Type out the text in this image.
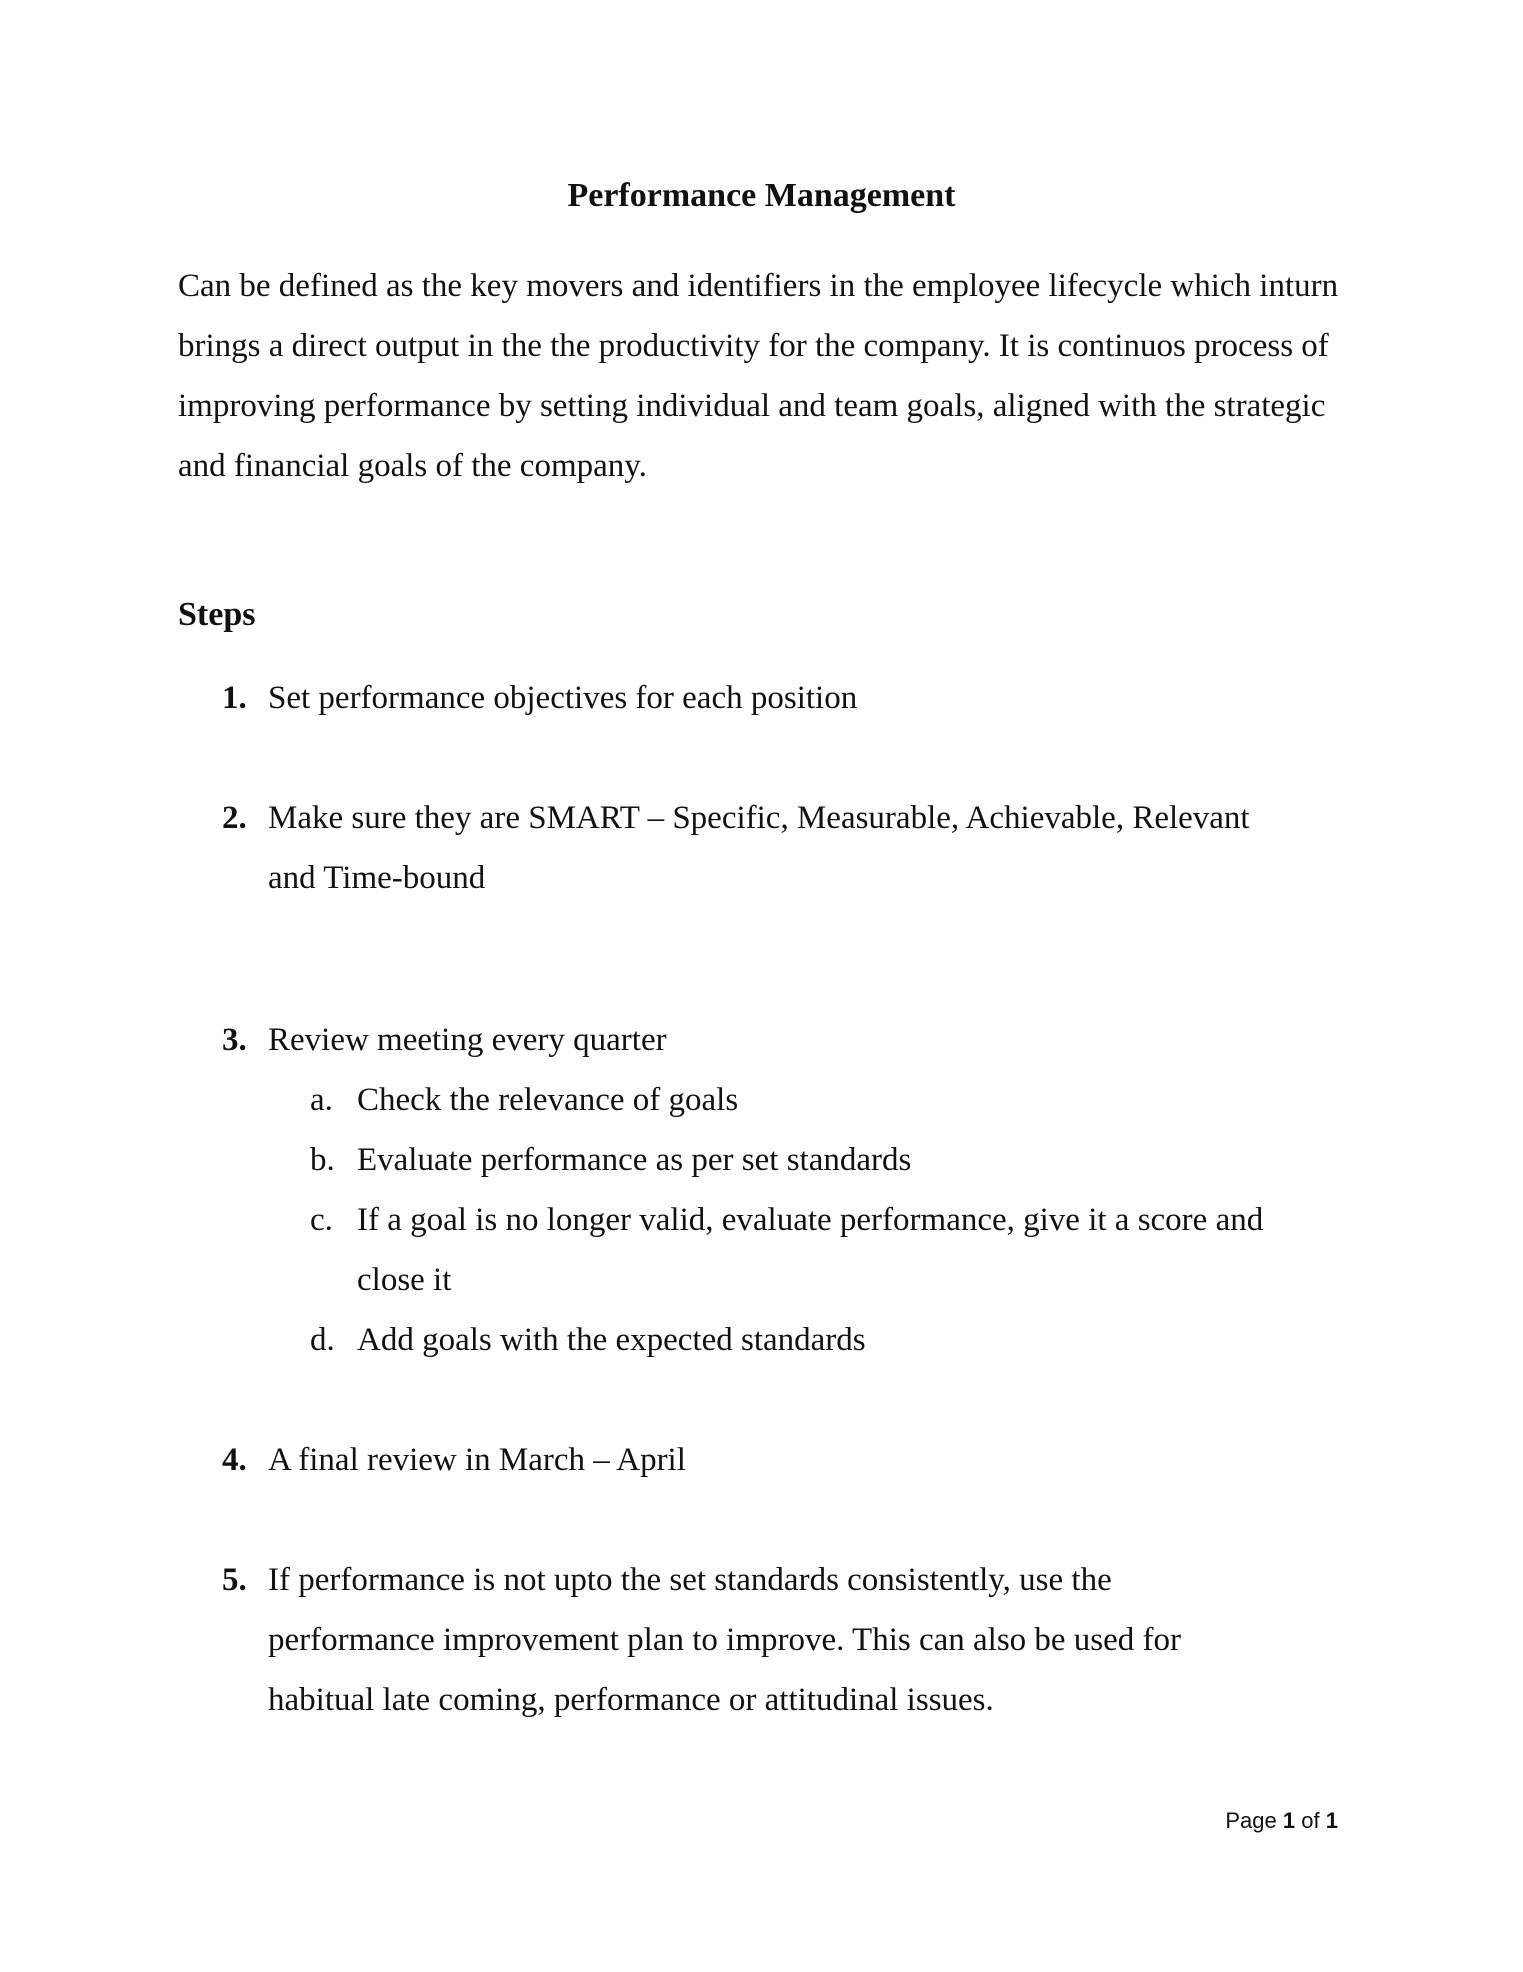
Performance Management
Can be defined as the key movers and identifiers in the employee lifecycle which inturn brings a direct output in the the productivity for the company. It is continuos process of improving performance by setting individual and team goals, aligned with the strategic and financial goals of the company.
Steps
1. Set performance objectives for each position
2. Make sure they are SMART – Specific, Measurable, Achievable, Relevant and Time-bound
3. Review meeting every quarter
a. Check the relevance of goals
b. Evaluate performance as per set standards
c. If a goal is no longer valid, evaluate performance, give it a score and close it
d. Add goals with the expected standards
4. A final review in March – April
5. If performance is not upto the set standards consistently, use the performance improvement plan to improve. This can also be used for habitual late coming, performance or attitudinal issues.
Page 1 of 1
